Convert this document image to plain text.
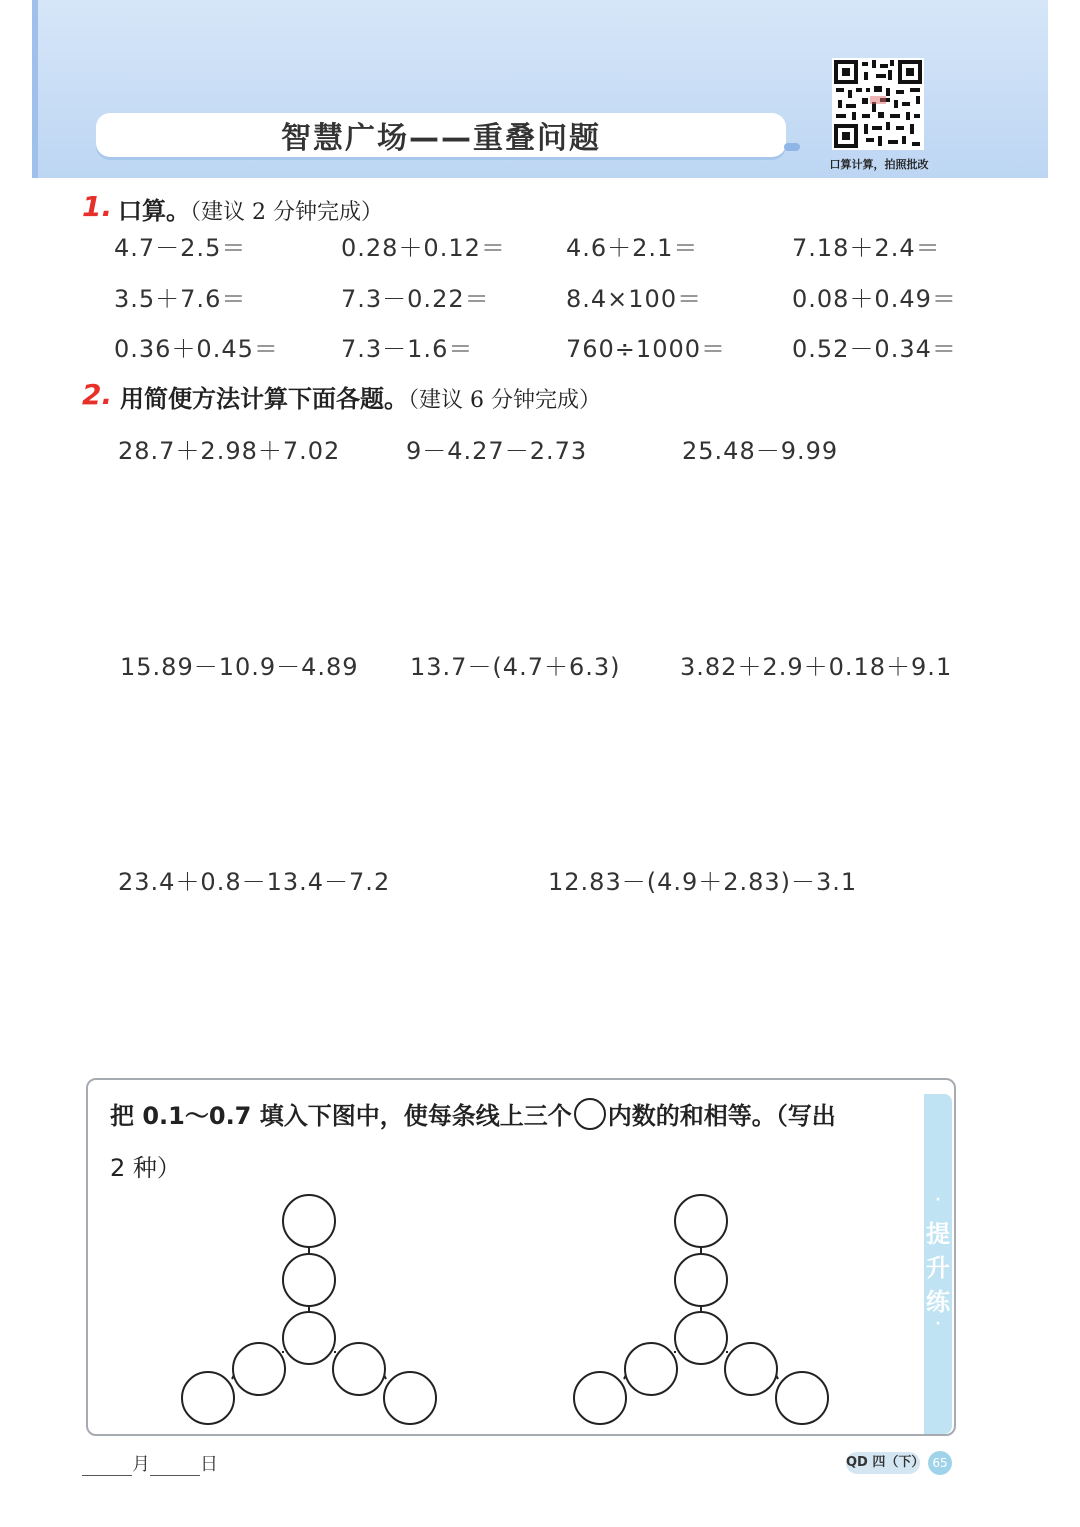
智慧广场——重叠问题
口算计算，拍照批改
1. 口算。（建议 2 分钟完成）
4.7－2.5＝	0.28＋0.12＝	4.6＋2.1＝	7.18＋2.4＝
3.5＋7.6＝	7.3－0.22＝	8.4×100＝	0.08＋0.49＝
0.36＋0.45＝	7.3－1.6＝	760÷1000＝	0.52－0.34＝
2. 用简便方法计算下面各题。（建议 6 分钟完成）
28.7＋2.98＋7.02	9－4.27－2.73	25.48－9.99
15.89－10.9－4.89 13.7－(4.7＋6.3) 3.82＋2.9＋0.18＋9.1
23.4＋0.8－13.4－7.2	12.83－(4.9＋2.83)－3.1
·
提
升
练
·
把 0.1～0.7 填入下图中，使每条线上三个 内数的和相等。（写出
2 种）
月	日	QD 四（下） 65
